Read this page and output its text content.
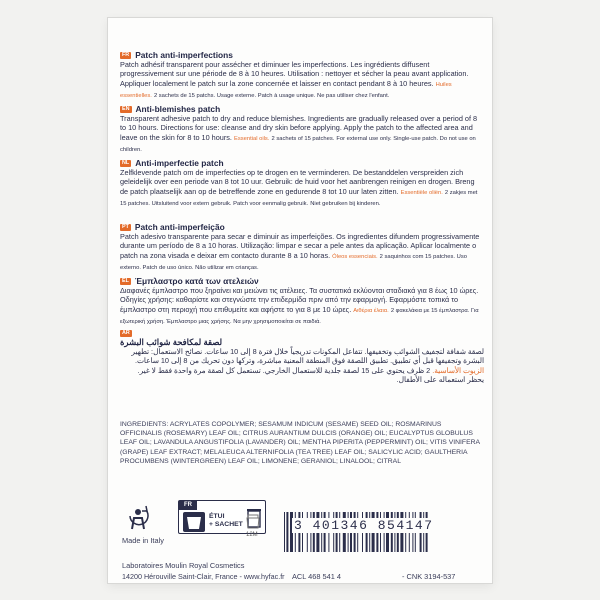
FR Patch anti-imperfections
Patch adhésif transparent pour assécher et diminuer les imperfections. Les ingrédients diffusent progressivement sur une période de 8 à 10 heures. Utilisation : nettoyer et sécher la peau avant application. Appliquer localement le patch sur la zone concernée et laisser en contact pendant 8 à 10 heures. Huiles essentielles. 2 sachets de 15 patchs. Usage externe. Patch à usage unique. Ne pas utiliser chez l'enfant.
EN Anti-blemishes patch
Transparent adhesive patch to dry and reduce blemishes. Ingredients are gradually released over a period of 8 to 10 hours. Directions for use: cleanse and dry skin before applying. Apply the patch to the affected area and leave on the skin for 8 to 10 hours. Essential oils. 2 sachets of 15 patches. For external use only. Single-use patch. Do not use on children.
NL Anti-imperfectie patch
Zelfklevende patch om de imperfecties op te drogen en te verminderen. De bestanddelen verspreiden zich geleidelijk over een periode van 8 tot 10 uur. Gebruik: de huid voor het aanbrengen reinigen en drogen. Breng de patch plaatselijk aan op de betreffende zone en gedurende 8 tot 10 uur laten zitten. Essentiële oliën. 2 zakjes met 15 patches. Uitsluitend voor extern gebruik. Patch voor eenmalig gebruik. Niet gebruiken bij kinderen.
PT Patch anti-imperfeição
Patch adesivo transparente para secar e diminuir as imperfeições. Os ingredientes difundem progressivamente durante um período de 8 a 10 horas. Utilização: limpar e secar a pele antes da aplicação. Aplicar localmente o patch na zona visada e deixar em contacto durante 8 a 10 horas. Óleos essenciais. 2 saquinhos com 15 patches. Uso externo. Patch de uso único. Não utilizar em crianças.
EL Έμπλαστρο κατά των ατελειών
Διαφανές έμπλαστρο που ξηραίνει και μειώνει τις ατέλειες. Τα συστατικά εκλύονται σταδιακά για 8 έως 10 ώρες. Οδηγίες χρήσης: καθαρίστε και στεγνώστε την επιδερμίδα πριν από την εφαρμογή. Εφαρμόστε τοπικά το έμπλαστρο στη περιοχή που επιθυμείτε και αφήστε το για 8 με 10 ώρες. Αιθέρια έλαια. 2 φακελάκια με 15 έμπλαστρα. Για εξωτερική χρήση. Έμπλαστρο μιας χρήσης. Να μην χρησιμοποιείται σε παιδιά.
AR
لصقة لمكافحة شوائب البشرة
لصقة شفافة لتجفيف الشوائب وتخفيفها. تتفاعل المكونات تدريجياً خلال فترة 8 إلى 10 ساعات. نصائح الاستعمال: تطهير البشرة وتجفيفها قبل أي تطبيق. تطبيق اللصقة فوق المنطقة المعنية مباشرة، وتركها دون تحريك من 8 إلى 10 ساعات. الزيوت الأساسية. 2 ظرف يحتوي على 15 لصقة جلدية للاستعمال الخارجي. تستعمل كل لصقة مرة واحدة فقط لا غير. يحظر استعماله على الأطفال.
INGREDIENTS: ACRYLATES COPOLYMER; SESAMUM INDICUM (SESAME) SEED OIL; ROSMARINUS OFFICINALIS (ROSEMARY) LEAF OIL; CITRUS AURANTIUM DULCIS (ORANGE) OIL; EUCALYPTUS GLOBULUS LEAF OIL; LAVANDULA ANGUSTIFOLIA (LAVANDER) OIL; MENTHA PIPERITA (PEPPERMINT) OIL; VITIS VINIFERA (GRAPE) LEAF EXTRACT; MELALEUCA ALTERNIFOLIA (TEA TREE) LEAF OIL; SALICYLIC ACID; GAULTHERIA PROCUMBENS (WINTERGREEN) LEAF OIL; LIMONENE; GERANIOL; LINALOOL; CITRAL
FR
ÉTUI
+ SACHET
12M
3 401346 854147
Made in Italy
Laboratoires Moulin Royal Cosmetics
14200 Hérouville Saint-Clair, France - www.hyfac.fr ACL 468 541 4	- CNK 3194-537
